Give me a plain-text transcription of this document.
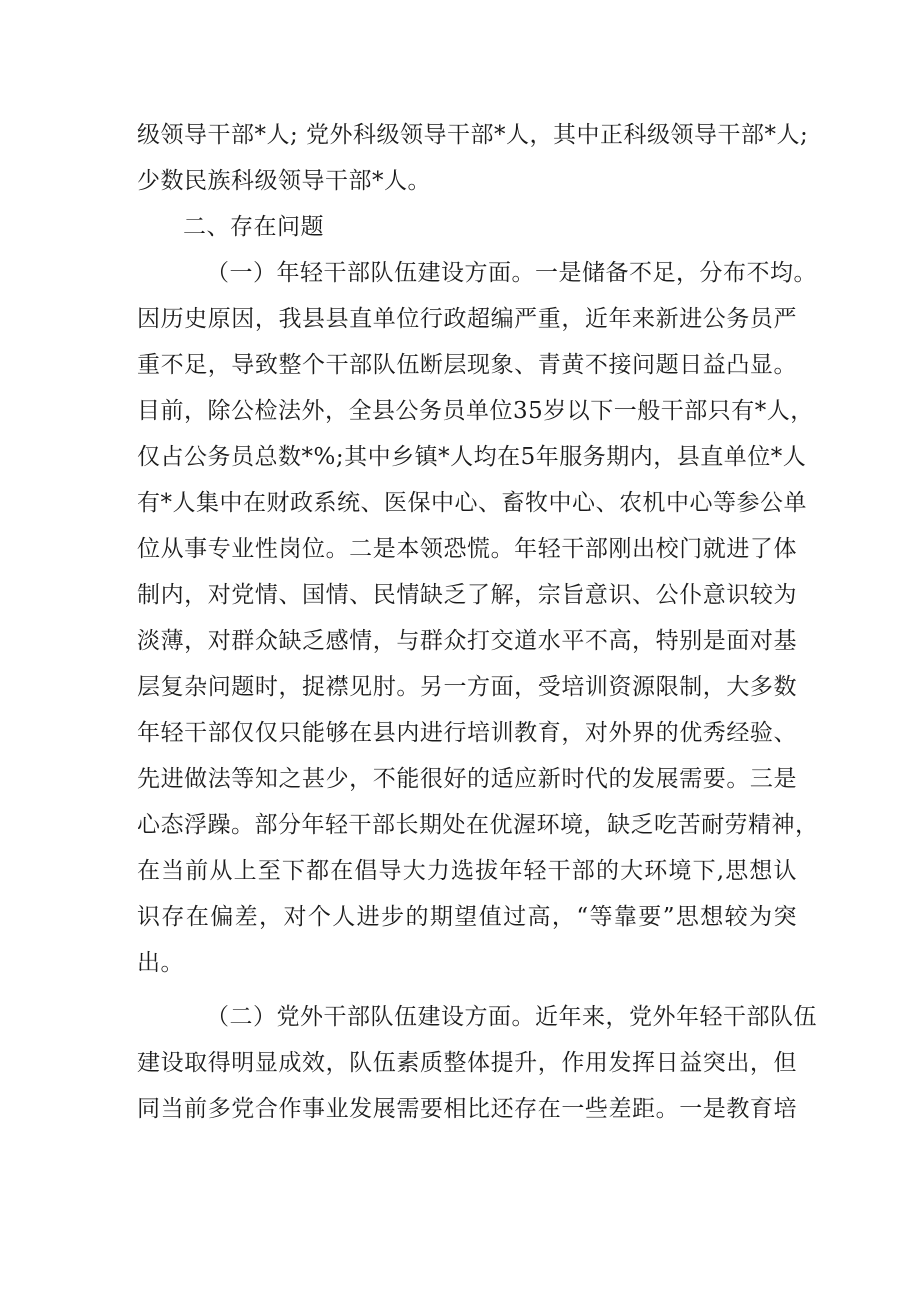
级领导干部*人; 党外科级领导干部*人，其中正科级领导干部*人;
少数民族科级领导干部*人。
二、存在问题
（一）年轻干部队伍建设方面。一是储备不足，分布不均。
因历史原因，我县县直单位行政超编严重，近年来新进公务员严
重不足，导致整个干部队伍断层现象、青黄不接问题日益凸显。
目前，除公检法外，全县公务员单位35岁以下一般干部只有*人，
仅占公务员总数*%;其中乡镇*人均在5年服务期内，县直单位*人
有*人集中在财政系统、医保中心、畜牧中心、农机中心等参公单
位从事专业性岗位。二是本领恐慌。年轻干部刚出校门就进了体
制内，对党情、国情、民情缺乏了解，宗旨意识、公仆意识较为
淡薄，对群众缺乏感情，与群众打交道水平不高，特别是面对基
层复杂问题时，捉襟见肘。另一方面，受培训资源限制，大多数
年轻干部仅仅只能够在县内进行培训教育，对外界的优秀经验、
先进做法等知之甚少，不能很好的适应新时代的发展需要。三是
心态浮躁。部分年轻干部长期处在优渥环境，缺乏吃苦耐劳精神，
在当前从上至下都在倡导大力选拔年轻干部的大环境下,思想认
识存在偏差，对个人进步的期望值过高，“等靠要”思想较为突
出。
（二）党外干部队伍建设方面。近年来，党外年轻干部队伍
建设取得明显成效，队伍素质整体提升，作用发挥日益突出，但
同当前多党合作事业发展需要相比还存在一些差距。一是教育培
